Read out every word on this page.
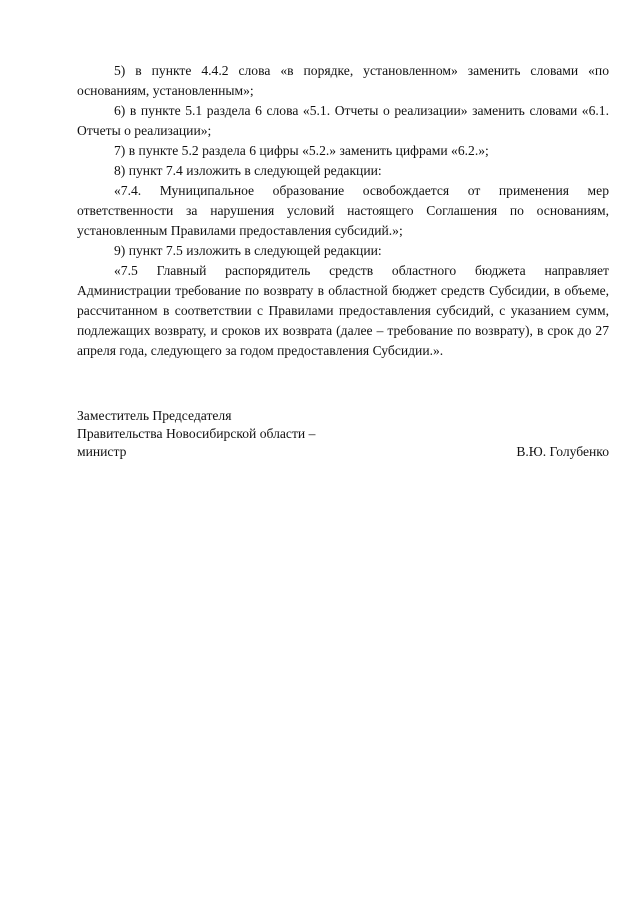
5) в пункте 4.4.2 слова «в порядке, установленном» заменить словами «по основаниям, установленным»;

6) в пункте 5.1 раздела 6 слова «5.1. Отчеты о реализации» заменить словами «6.1. Отчеты о реализации»;

7) в пункте 5.2 раздела 6 цифры «5.2.» заменить цифрами «6.2.»;

8) пункт 7.4 изложить в следующей редакции:

«7.4. Муниципальное образование освобождается от применения мер ответственности за нарушения условий настоящего Соглашения по основаниям, установленным Правилами предоставления субсидий.»;

9) пункт 7.5 изложить в следующей редакции:

«7.5 Главный распорядитель средств областного бюджета направляет Администрации требование по возврату в областной бюджет средств Субсидии, в объеме, рассчитанном в соответствии с Правилами предоставления субсидий, с указанием сумм, подлежащих возврату, и сроков их возврата (далее – требование по возврату), в срок до 27 апреля года, следующего за годом предоставления Субсидии.».

Заместитель Председателя
Правительства Новосибирской области –
министр	В.Ю. Голубенко
